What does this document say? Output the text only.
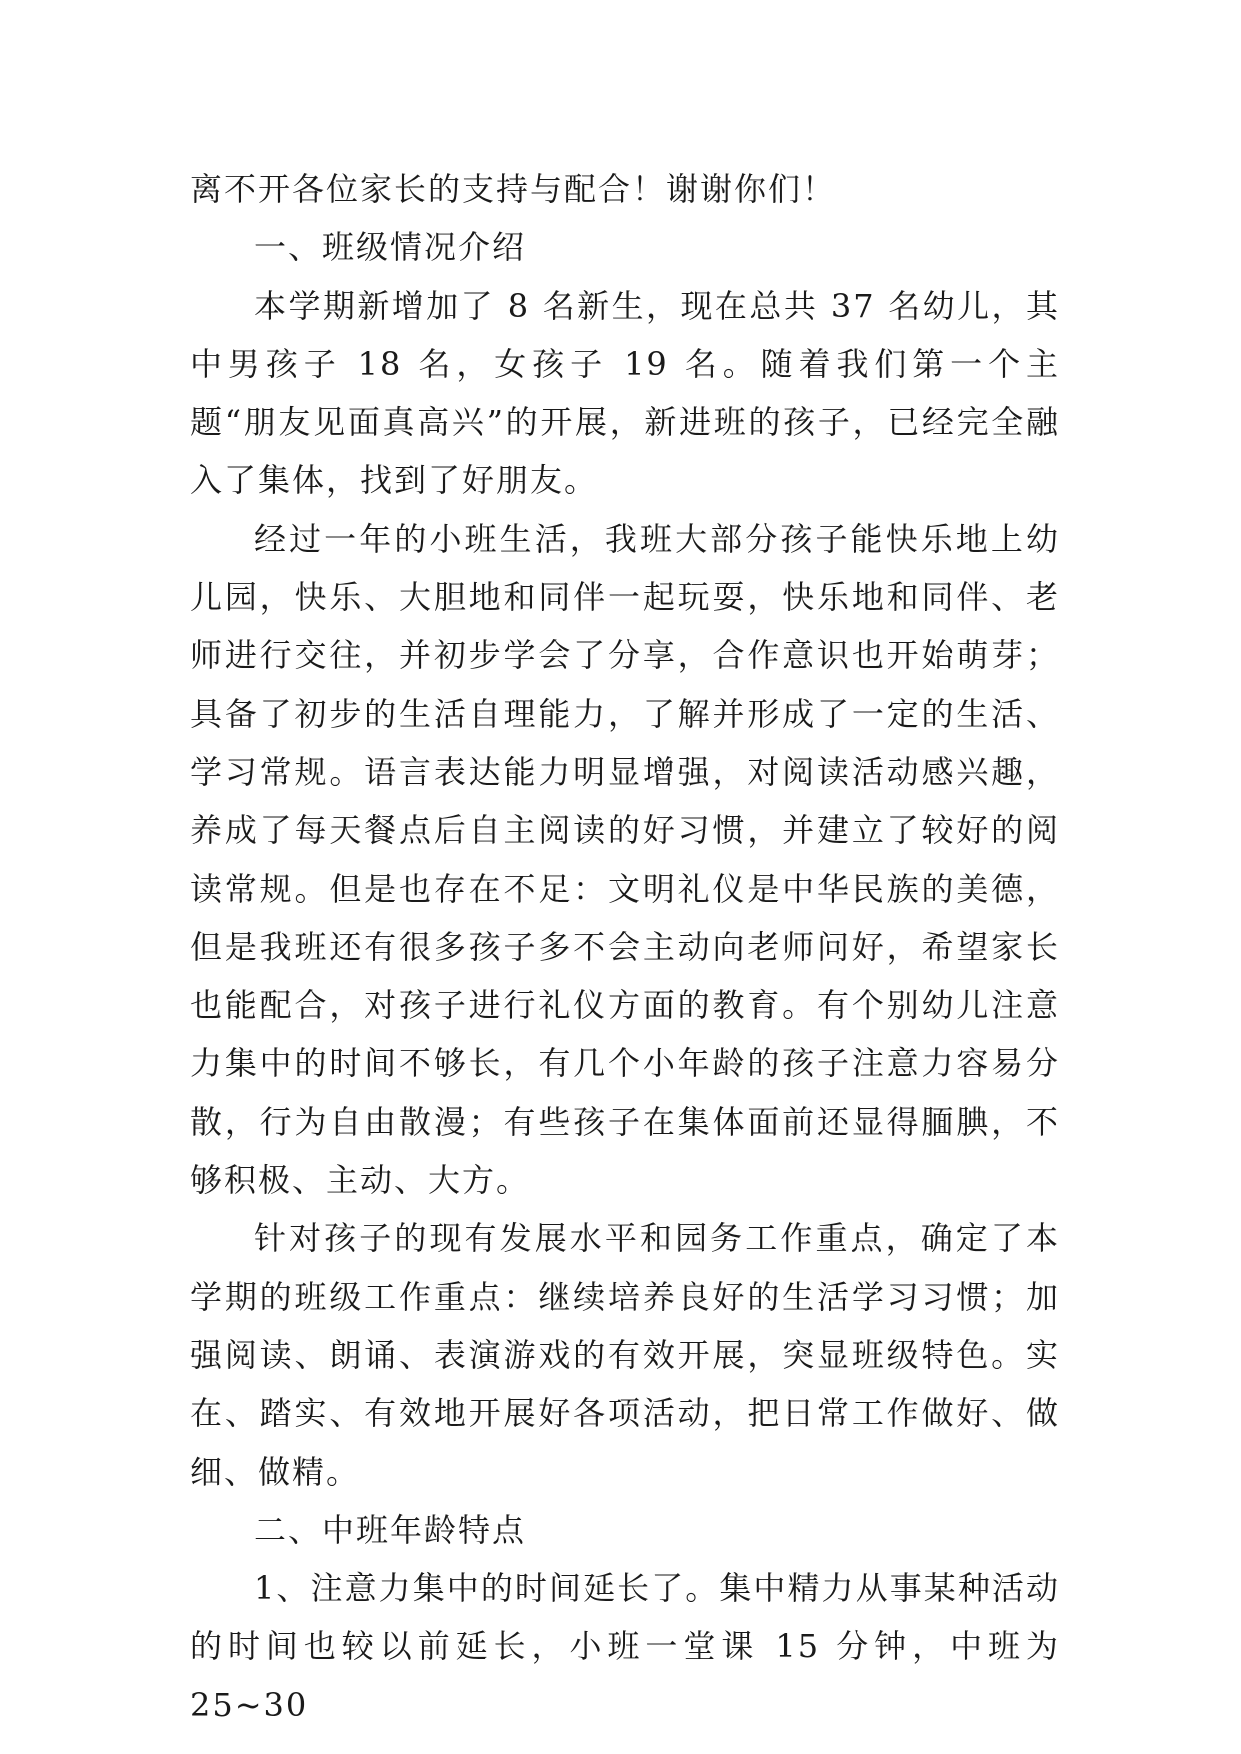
离不开各位家长的支持与配合！谢谢你们！

一、班级情况介绍

本学期新增加了 8 名新生，现在总共 37 名幼儿，其中男孩子 18 名，女孩子 19 名。随着我们第一个主题“朋友见面真高兴”的开展，新进班的孩子，已经完全融入了集体，找到了好朋友。

经过一年的小班生活，我班大部分孩子能快乐地上幼儿园，快乐、大胆地和同伴一起玩耍，快乐地和同伴、老师进行交往，并初步学会了分享，合作意识也开始萌芽；具备了初步的生活自理能力，了解并形成了一定的生活、学习常规。语言表达能力明显增强，对阅读活动感兴趣，养成了每天餐点后自主阅读的好习惯，并建立了较好的阅读常规。但是也存在不足：文明礼仪是中华民族的美德，但是我班还有很多孩子多不会主动向老师问好，希望家长也能配合，对孩子进行礼仪方面的教育。有个别幼儿注意力集中的时间不够长，有几个小年龄的孩子注意力容易分散，行为自由散漫；有些孩子在集体面前还显得腼腆，不够积极、主动、大方。

针对孩子的现有发展水平和园务工作重点，确定了本学期的班级工作重点：继续培养良好的生活学习习惯；加强阅读、朗诵、表演游戏的有效开展，突显班级特色。实在、踏实、有效地开展好各项活动，把日常工作做好、做细、做精。

二、中班年龄特点

1、注意力集中的时间延长了。集中精力从事某种活动的时间也较以前延长，小班一堂课 15 分钟，中班为 25~30
